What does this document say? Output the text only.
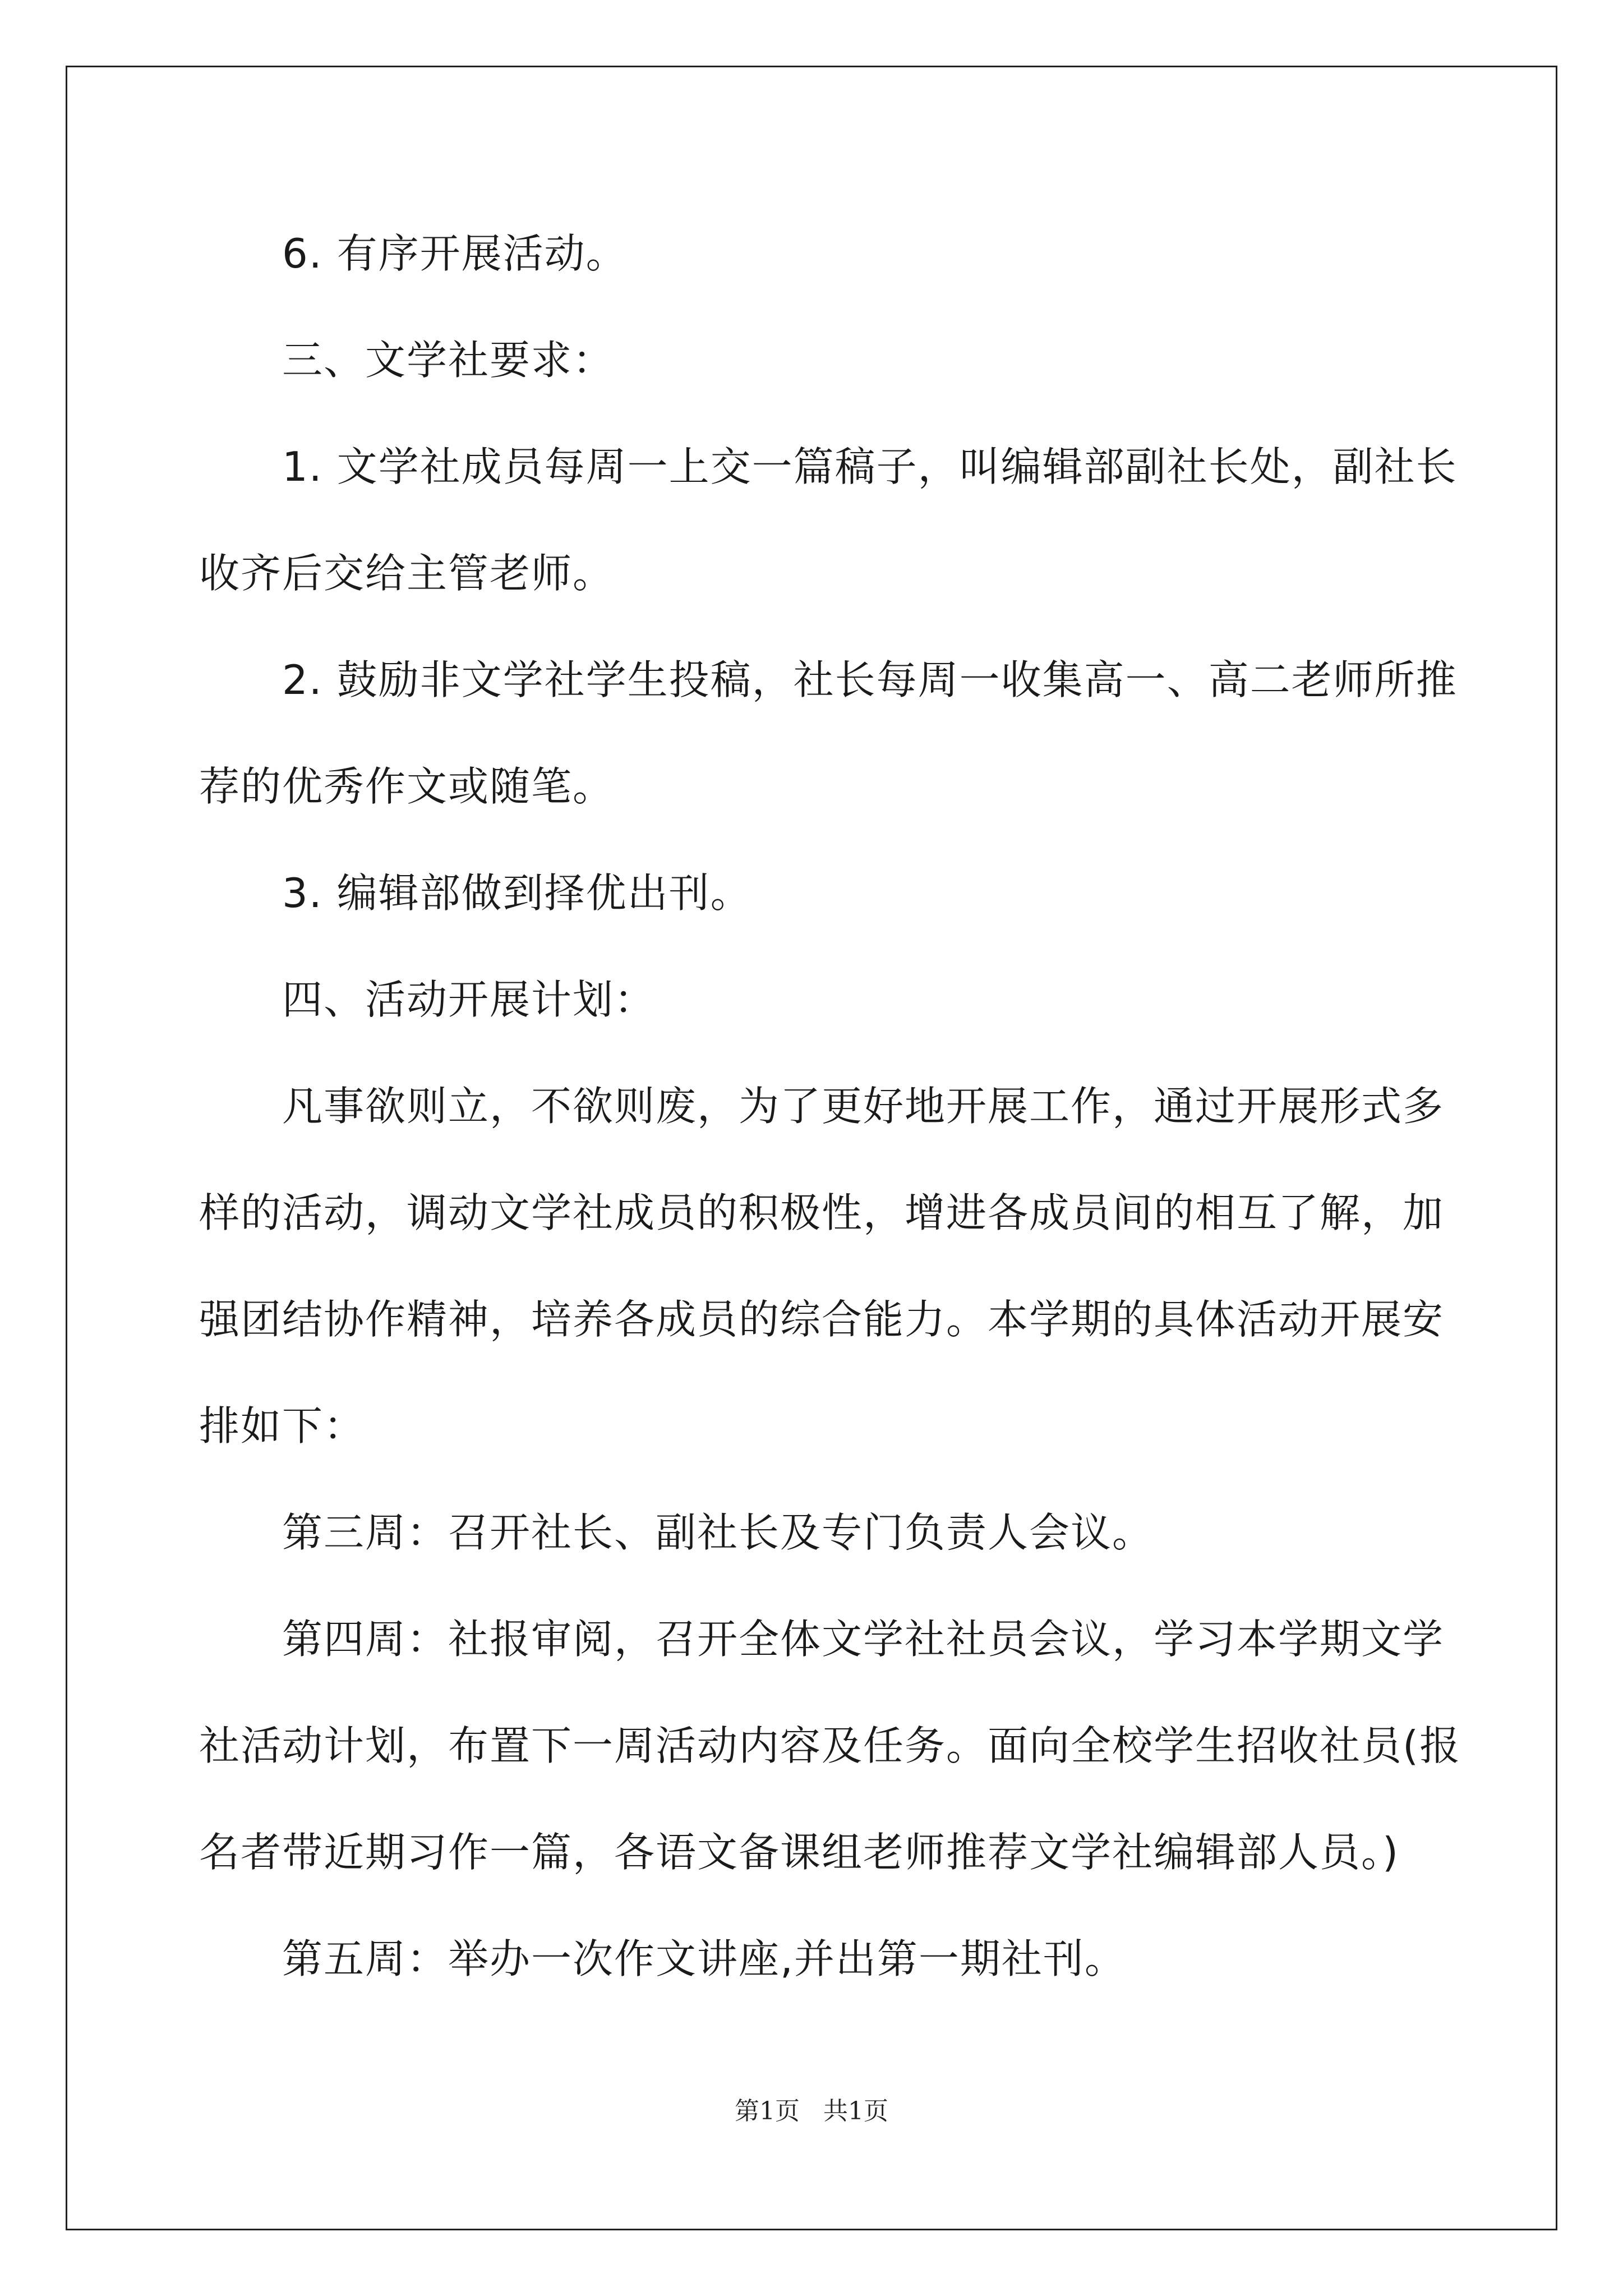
6. 有序开展活动。
三、文学社要求：
1. 文学社成员每周一上交一篇稿子，叫编辑部副社长处，副社长
收齐后交给主管老师。
2. 鼓励非文学社学生投稿，社长每周一收集高一、高二老师所推
荐的优秀作文或随笔。
3. 编辑部做到择优出刊。
四、活动开展计划：
凡事欲则立，不欲则废，为了更好地开展工作，通过开展形式多
样的活动，调动文学社成员的积极性，增进各成员间的相互了解，加
强团结协作精神，培养各成员的综合能力。本学期的具体活动开展安
排如下：
第三周：召开社长、副社长及专门负责人会议。
第四周：社报审阅，召开全体文学社社员会议，学习本学期文学
社活动计划，布置下一周活动内容及任务。面向全校学生招收社员(报
名者带近期习作一篇，各语文备课组老师推荐文学社编辑部人员。)
第五周：举办一次作文讲座,并出第一期社刊。
第1页   共1页
